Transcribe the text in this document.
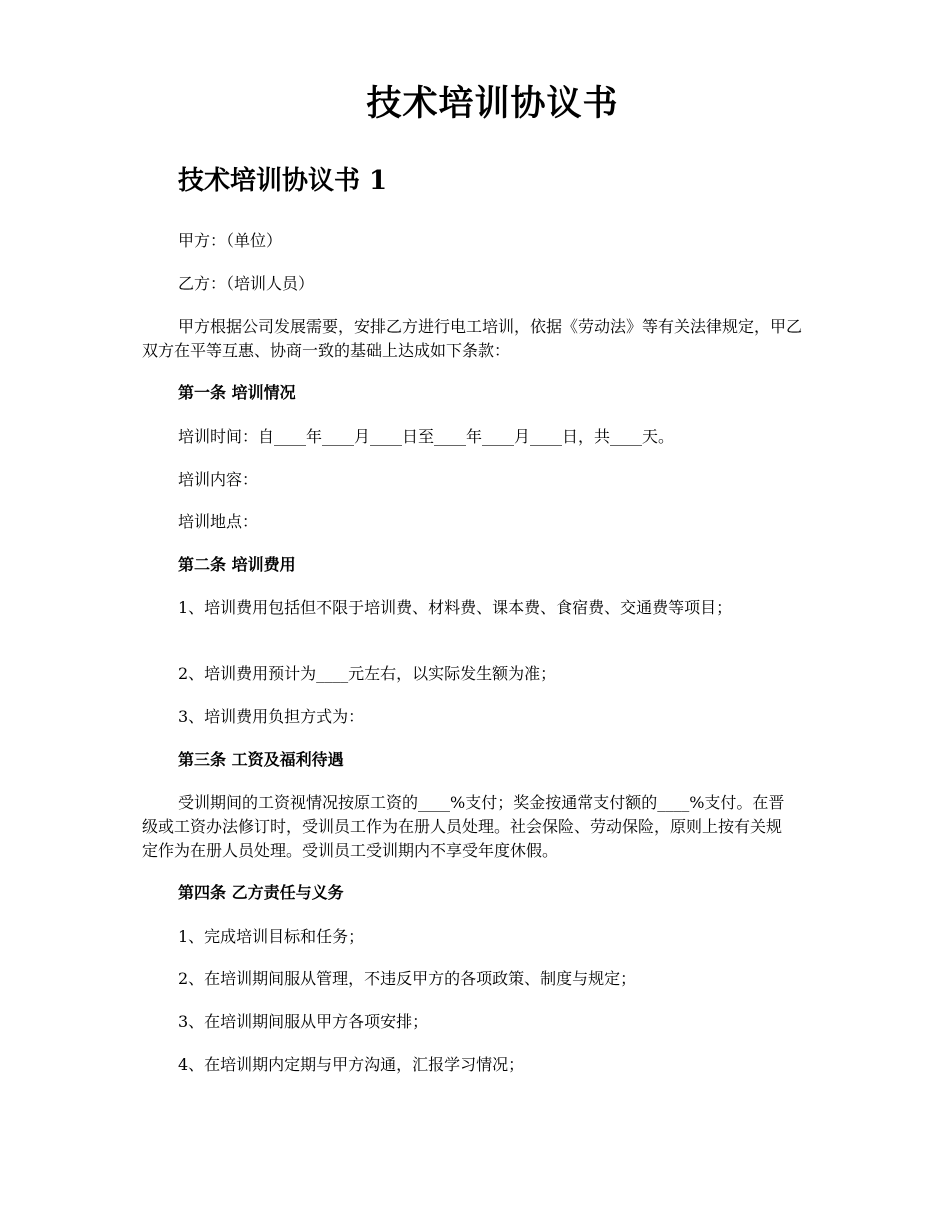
技术培训协议书
技术培训协议书 1
甲方：（单位）
乙方：（培训人员）
甲方根据公司发展需要，安排乙方进行电工培训，依据《劳动法》等有关法律规定，甲乙双方在平等互惠、协商一致的基础上达成如下条款：
第一条 培训情况
培训时间：自____年____月____日至____年____月____日，共____天。
培训内容：
培训地点：
第二条 培训费用
1、培训费用包括但不限于培训费、材料费、课本费、食宿费、交通费等项目；
2、培训费用预计为____元左右，以实际发生额为准；
3、培训费用负担方式为：
第三条 工资及福利待遇
受训期间的工资视情况按原工资的____%支付；奖金按通常支付额的____%支付。在晋级或工资办法修订时，受训员工作为在册人员处理。社会保险、劳动保险，原则上按有关规定作为在册人员处理。受训员工受训期内不享受年度休假。
第四条 乙方责任与义务
1、完成培训目标和任务；
2、在培训期间服从管理，不违反甲方的各项政策、制度与规定；
3、在培训期间服从甲方各项安排；
4、在培训期内定期与甲方沟通，汇报学习情况；
